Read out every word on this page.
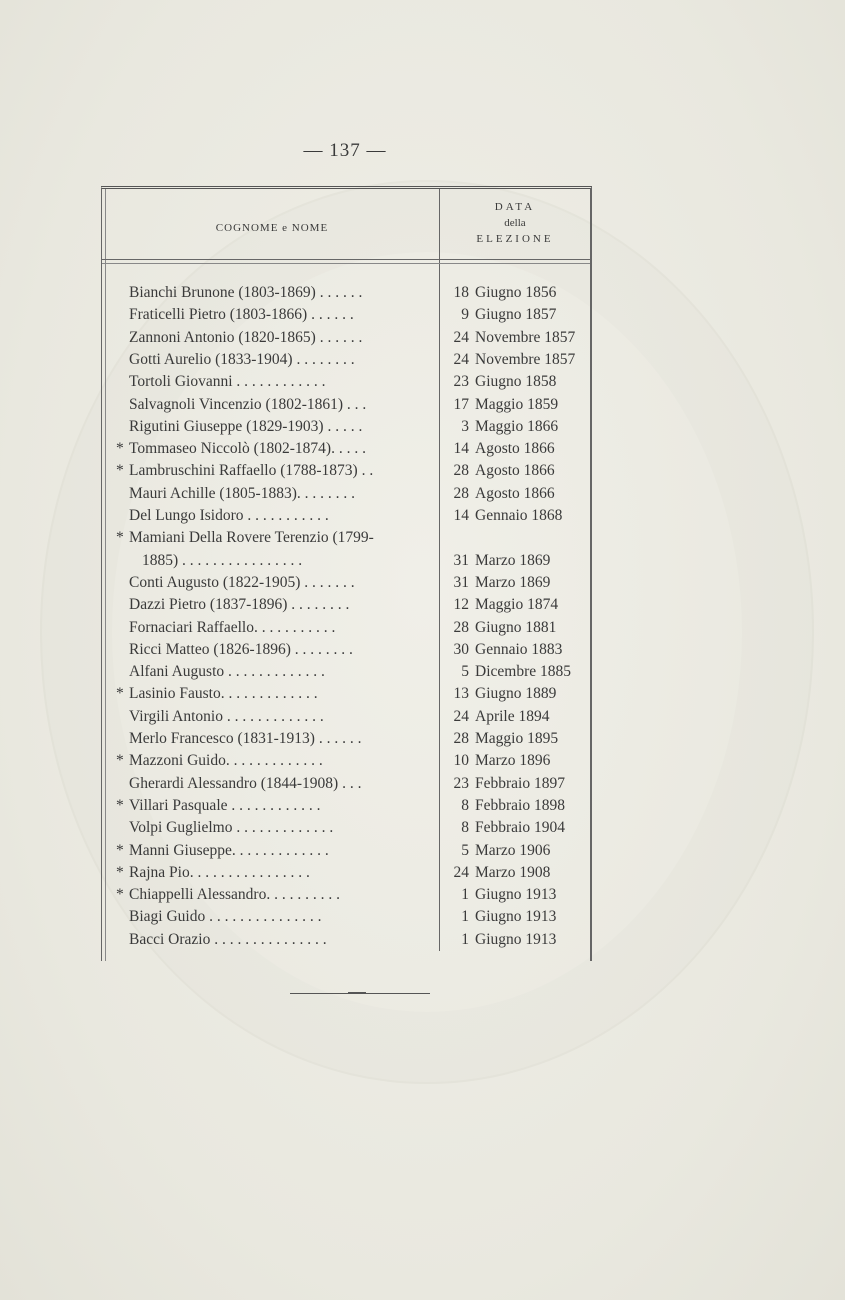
— 137 —
COGNOME e NOME
DATA
della
ELEZIONE
Bianchi Brunone (1803-1869) . . . . . .	18 Giugno 1856
Fraticelli Pietro (1803-1866) . . . . . .	9 Giugno 1857
Zannoni Antonio (1820-1865) . . . . . .	24 Novembre 1857
Gotti Aurelio (1833-1904) . . . . . . . .	24 Novembre 1857
Tortoli Giovanni . . . . . . . . . . . .	23 Giugno 1858
Salvagnoli Vincenzio (1802-1861) . . .	17 Maggio 1859
Rigutini Giuseppe (1829-1903) . . . . .	3 Maggio 1866
* Tommaseo Niccolò (1802-1874). . . . .	14 Agosto 1866
* Lambruschini Raffaello (1788-1873) . .	28 Agosto 1866
Mauri Achille (1805-1883). . . . . . . .	28 Agosto 1866
Del Lungo Isidoro . . . . . . . . . . .	14 Gennaio 1868
* Mamiani Della Rovere Terenzio (1799-
1885) . . . . . . . . . . . . . . . .	31 Marzo 1869
Conti Augusto (1822-1905) . . . . . . .	31 Marzo 1869
Dazzi Pietro (1837-1896) . . . . . . . .	12 Maggio 1874
Fornaciari Raffaello. . . . . . . . . . .	28 Giugno 1881
Ricci Matteo (1826-1896) . . . . . . . .	30 Gennaio 1883
Alfani Augusto . . . . . . . . . . . . .	5 Dicembre 1885
* Lasinio Fausto. . . . . . . . . . . . .	13 Giugno 1889
Virgili Antonio . . . . . . . . . . . . .	24 Aprile 1894
Merlo Francesco (1831-1913) . . . . . .	28 Maggio 1895
* Mazzoni Guido. . . . . . . . . . . . .	10 Marzo 1896
Gherardi Alessandro (1844-1908) . . .	23 Febbraio 1897
* Villari Pasquale . . . . . . . . . . . .	8 Febbraio 1898
Volpi Guglielmo . . . . . . . . . . . . .	8 Febbraio 1904
* Manni Giuseppe. . . . . . . . . . . . .	5 Marzo 1906
* Rajna Pio. . . . . . . . . . . . . . . .	24 Marzo 1908
* Chiappelli Alessandro. . . . . . . . . .	1 Giugno 1913
Biagi Guido . . . . . . . . . . . . . . .	1 Giugno 1913
Bacci Orazio . . . . . . . . . . . . . . .	1 Giugno 1913
